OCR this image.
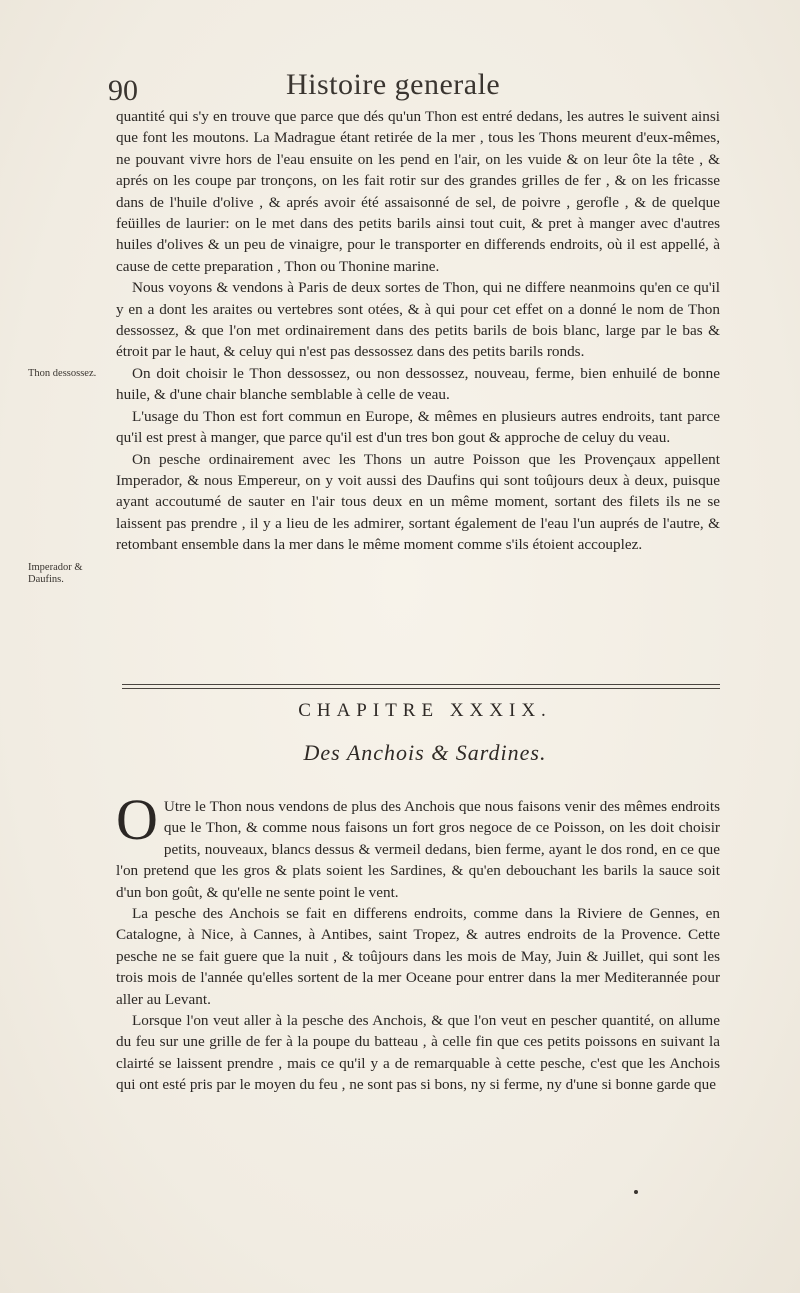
90	Histoire generale

quantité qui s'y en trouve que parce que dés qu'un Thon est entré dedans, les autres le suivent ainsi que font les moutons. La Madrague étant retirée de la mer , tous les Thons meurent d'eux-mêmes, ne pouvant vivre hors de l'eau ensuite on les pend en l'air, on les vuide & on leur ôte la tête , & aprés on les coupe par tronçons, on les fait rotir sur des grandes grilles de fer , & on les fricasse dans de l'huile d'olive , & aprés avoir été assaisonné de sel, de poivre , gerofle , & de quelque feüilles de laurier: on le met dans des petits barils ainsi tout cuit, & pret à manger avec d'autres huiles d'olives & un peu de vinaigre, pour le transporter en differends endroits, où il est appellé, à cause de cette preparation , Thon ou Thonine marine.

Nous voyons & vendons à Paris de deux sortes de Thon, qui ne differe neanmoins qu'en ce qu'il y en a dont les araites ou vertebres sont otées, & à qui pour cet effet on a donné le nom de Thon dessossez, & que l'on met ordinairement dans des petits barils de bois blanc, large par le bas & étroit par le haut, & celuy qui n'est pas dessossez dans des petits barils ronds.

On doit choisir le Thon dessossez, ou non dessossez, nouveau, ferme, bien enhuilé de bonne huile, & d'une chair blanche semblable à celle de veau.

L'usage du Thon est fort commun en Europe, & mêmes en plusieurs autres endroits, tant parce qu'il est prest à manger, que parce qu'il est d'un tres bon gout & approche de celuy du veau.

On pesche ordinairement avec les Thons un autre Poisson que les Provençaux appellent Imperador, & nous Empereur, on y voit aussi des Daufins qui sont toûjours deux à deux, puisque ayant accoutumé de sauter en l'air tous deux en un même moment, sortant des filets ils ne se laissent pas prendre , il y a lieu de les admirer, sortant également de l'eau l'un auprés de l'autre, & retombant ensemble dans la mer dans le même moment comme s'ils étoient accouplez.

Thon dessossez.
Imperador & Daufins.
CHAPITRE XXXIX.
Des Anchois & Sardines.

O Utre le Thon nous vendons de plus des Anchois que nous faisons venir des mêmes endroits que le Thon, & comme nous faisons un fort gros negoce de ce Poisson, on les doit choisir petits, nouveaux, blancs dessus & vermeil dedans, bien ferme, ayant le dos rond, en ce que l'on pretend que les gros & plats soient les Sardines, & qu'en debouchant les barils la sauce soit d'un bon goût, & qu'elle ne sente point le vent.

La pesche des Anchois se fait en differens endroits, comme dans la Riviere de Gennes, en Catalogne, à Nice, à Cannes, à Antibes, saint Tropez, & autres endroits de la Provence. Cette pesche ne se fait guere que la nuit , & toûjours dans les mois de May, Juin & Juillet, qui sont les trois mois de l'année qu'elles sortent de la mer Oceane pour entrer dans la mer Mediterannée pour aller au Levant.

Lorsque l'on veut aller à la pesche des Anchois, & que l'on veut en pescher quantité, on allume du feu sur une grille de fer à la poupe du batteau , à celle fin que ces petits poissons en suivant la clairté se laissent prendre , mais ce qu'il y a de remarquable à cette pesche, c'est que les Anchois qui ont esté pris par le moyen du feu , ne sont pas si bons, ny si ferme, ny d'une si bonne garde que
